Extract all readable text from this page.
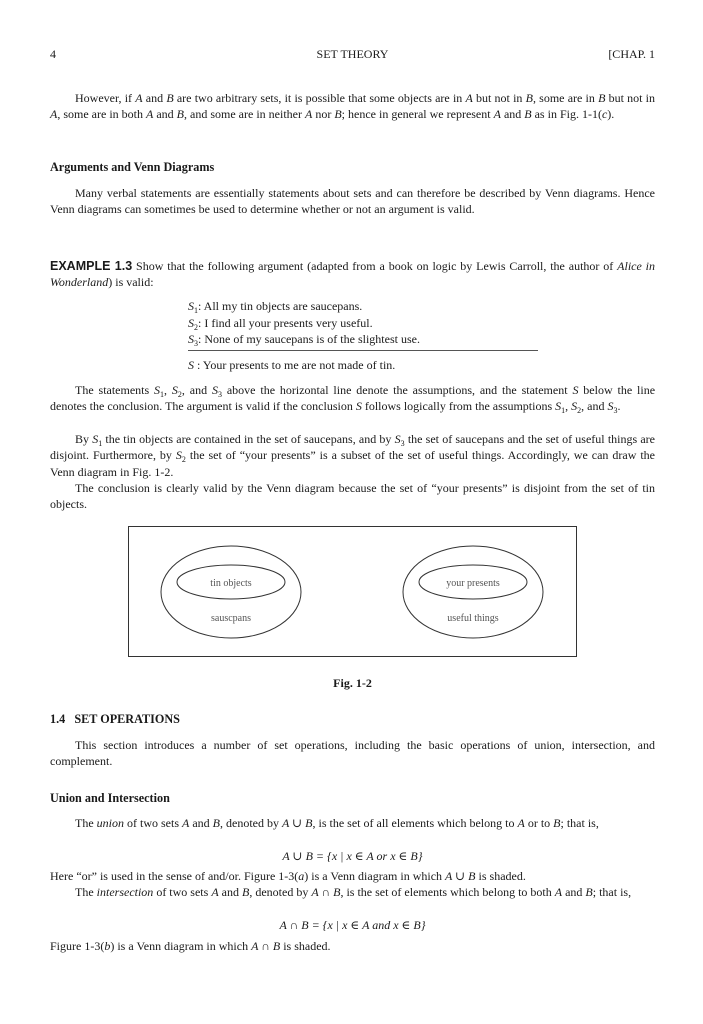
4	SET THEORY	[CHAP. 1
However, if A and B are two arbitrary sets, it is possible that some objects are in A but not in B, some are in B but not in A, some are in both A and B, and some are in neither A nor B; hence in general we represent A and B as in Fig. 1-1(c).
Arguments and Venn Diagrams
Many verbal statements are essentially statements about sets and can therefore be described by Venn diagrams. Hence Venn diagrams can sometimes be used to determine whether or not an argument is valid.
EXAMPLE 1.3 Show that the following argument (adapted from a book on logic by Lewis Carroll, the author of Alice in Wonderland) is valid:
$S_1$: All my tin objects are saucepans.
$S_2$: I find all your presents very useful.
$S_3$: None of my saucepans is of the slightest use.
S : Your presents to me are not made of tin.
The statements $S_1$, $S_2$, and $S_3$ above the horizontal line denote the assumptions, and the statement S below the line denotes the conclusion. The argument is valid if the conclusion S follows logically from the assumptions $S_1$, $S_2$, and $S_3$.
By $S_1$ the tin objects are contained in the set of saucepans, and by $S_3$ the set of saucepans and the set of useful things are disjoint. Furthermore, by $S_2$ the set of “your presents” is a subset of the set of useful things. Accordingly, we can draw the Venn diagram in Fig. 1-2.
The conclusion is clearly valid by the Venn diagram because the set of “your presents” is disjoint from the set of tin objects.
tin objects
sauscpans
your presents
useful things
Fig. 1-2
1.4 SET OPERATIONS
This section introduces a number of set operations, including the basic operations of union, intersection, and complement.
Union and Intersection
The union of two sets A and B, denoted by A ∪ B, is the set of all elements which belong to A or to B; that is,
A ∪ B = {x | x ∈ A or x ∈ B}
Here “or” is used in the sense of and/or. Figure 1-3(a) is a Venn diagram in which A ∪ B is shaded.
The intersection of two sets A and B, denoted by A ∩ B, is the set of elements which belong to both A and B; that is,
A ∩ B = {x | x ∈ A and x ∈ B}
Figure 1-3(b) is a Venn diagram in which A ∩ B is shaded.
